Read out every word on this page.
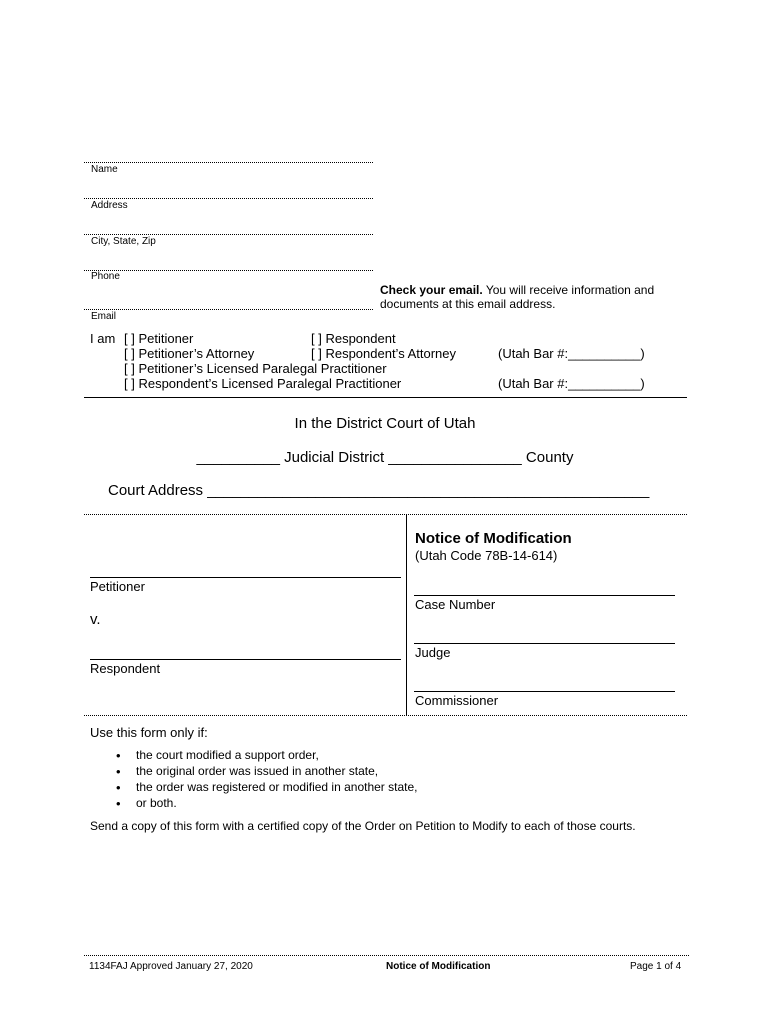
Name
Address
City, State, Zip
Phone
Check your email. You will receive information and
documents at this email address.
Email
I am [ ] Petitioner	[ ] Respondent
[ ] Petitioner’s Attorney	[ ] Respondent’s Attorney	(Utah Bar #:__________)
[ ] Petitioner’s Licensed Paralegal Practitioner
[ ] Respondent’s Licensed Paralegal Practitioner	(Utah Bar #:__________)
In the District Court of Utah
__________ Judicial District ________________ County
Court Address _____________________________________________________
Notice of Modification
(Utah Code 78B-14-614)
Petitioner
v.
Respondent
Case Number
Judge
Commissioner
Use this form only if:
• the court modified a support order,
• the original order was issued in another state,
• the order was registered or modified in another state,
• or both.
Send a copy of this form with a certified copy of the Order on Petition to Modify to each of those courts.
1134FAJ Approved January 27, 2020	Notice of Modification	Page 1 of 4
